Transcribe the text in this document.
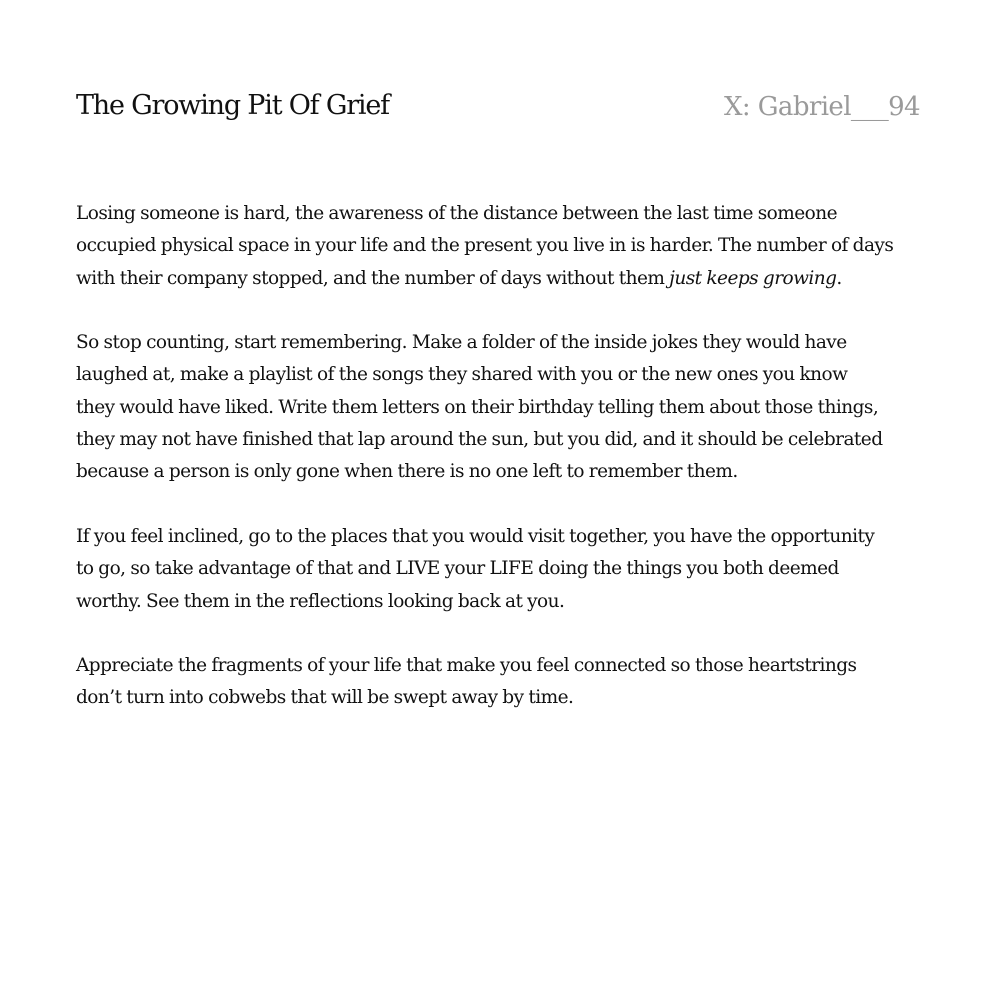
The Growing Pit Of Grief	X: Gabriel___94
Losing someone is hard, the awareness of the distance between the last time someone
occupied physical space in your life and the present you live in is harder. The number of days
with their company stopped, and the number of days without them just keeps growing.
So stop counting, start remembering. Make a folder of the inside jokes they would have
laughed at, make a playlist of the songs they shared with you or the new ones you know
they would have liked. Write them letters on their birthday telling them about those things,
they may not have finished that lap around the sun, but you did, and it should be celebrated
because a person is only gone when there is no one left to remember them.
If you feel inclined, go to the places that you would visit together, you have the opportunity
to go, so take advantage of that and LIVE your LIFE doing the things you both deemed
worthy. See them in the reflections looking back at you.
Appreciate the fragments of your life that make you feel connected so those heartstrings
don’t turn into cobwebs that will be swept away by time.
